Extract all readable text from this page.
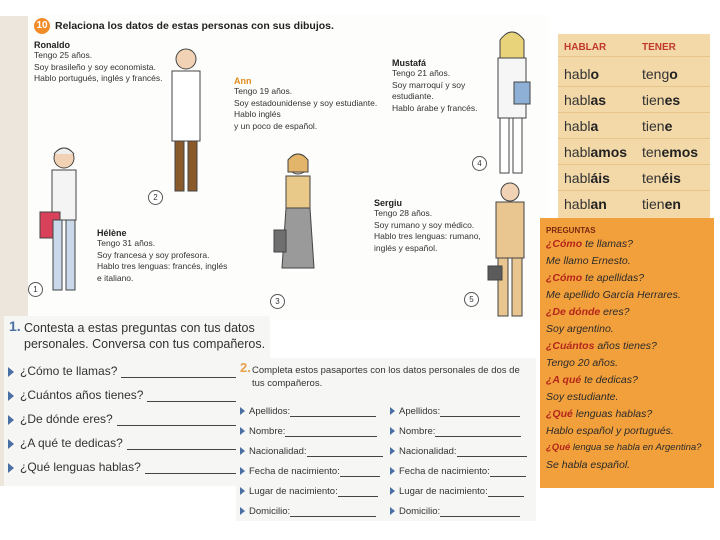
10 Relaciona los datos de estas personas con sus dibujos.
Ronaldo
Tengo 25 años.
Soy brasileño y soy economista.
Hablo portugués, inglés y francés.	Ann
Tengo 19 años.
Soy estadounidense y soy estudiante.
Hablo inglés
y un poco de español.
Mustafá
Tengo 21 años.
Soy marroquí y soy
estudiante.
Hablo árabe y francés.
Hélène
Tengo 31 años.
Soy francesa y soy profesora.
Hablo tres lenguas: francés, inglés
e italiano.
Sergiu
Tengo 28 años.
Soy rumano y soy médico.
Hablo tres lenguas: rumano,
inglés y español.
1
2
3
4
5
HABLAR	TENER
hablo	tengo
hablas	tienes
habla	tiene
hablamos tenemos
habláis tenéis
hablan	tienen
PREGUNTAS
¿Cómo te llamas?
Me llamo Ernesto.
¿Cómo te apellidas?
Me apellido García Herrares.
¿De dónde eres?
Soy argentino.
¿Cuántos años tienes?
Tengo 20 años.
¿A qué te dedicas?
Soy estudiante.
¿Qué lenguas hablas?
Hablo español y portugués.
¿Qué lengua se habla en Argentina?
Se habla español.
1. Contesta a estas preguntas con tus datos personales. Conversa con tus compañeros.
¿Cómo te llamas?
¿Cuántos años tienes?
¿De dónde eres?
¿A qué te dedicas?
¿Qué lenguas hablas?
2. Completa estos pasaportes con los datos personales de dos de tus compañeros.
Apellidos:
Nombre:
Nacionalidad:
Fecha de nacimiento:
Lugar de nacimiento:
Domicilio:
Apellidos:
Nombre:
Nacionalidad:
Fecha de nacimiento:
Lugar de nacimiento:
Domicilio:
